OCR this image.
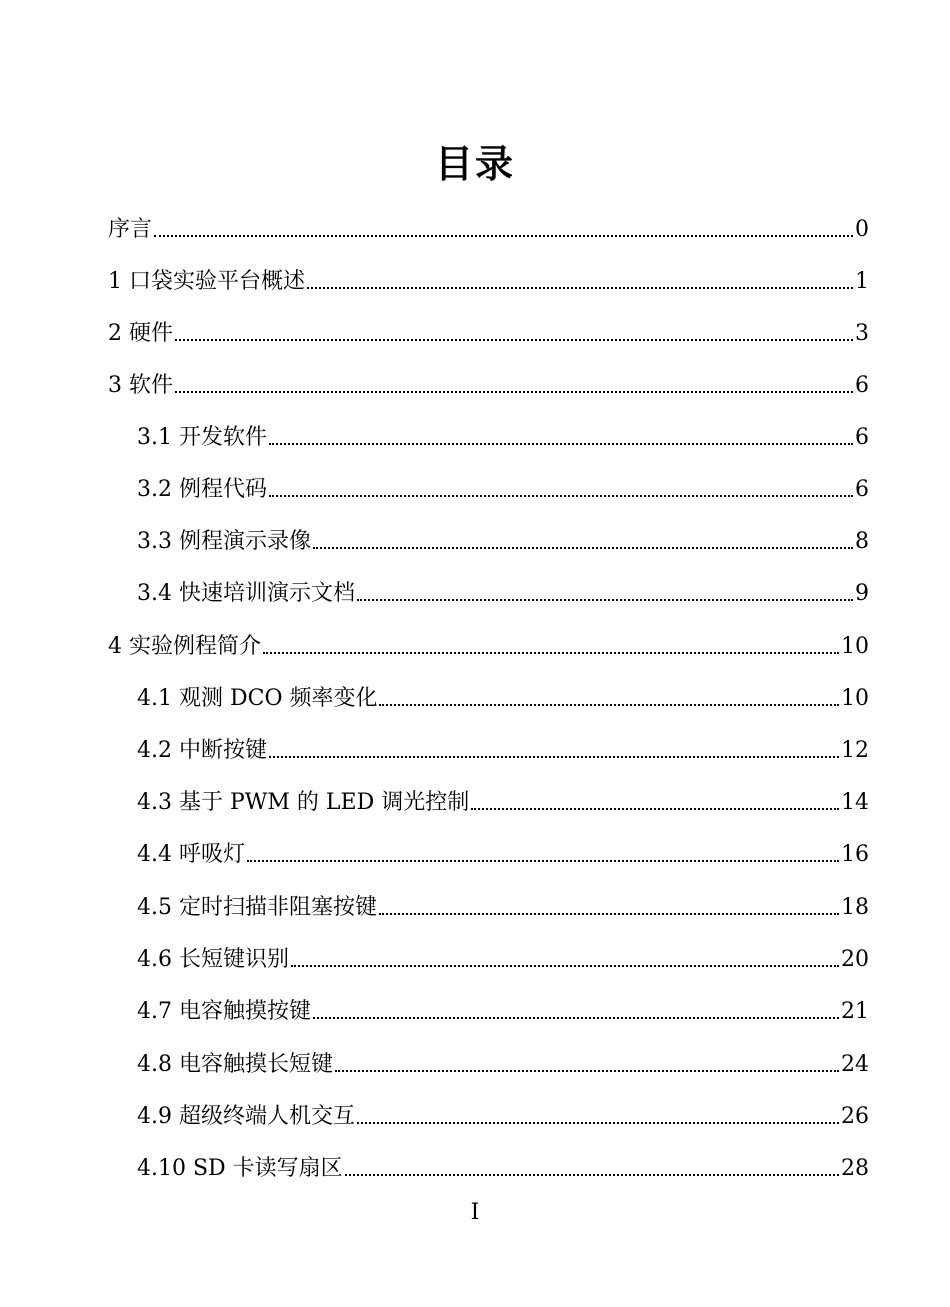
目录
序言	0
1 口袋实验平台概述	1
2 硬件	3
3 软件	6
3.1 开发软件	6
3.2 例程代码	6
3.3 例程演示录像	8
3.4 快速培训演示文档	9
4 实验例程简介	10
4.1 观测 DCO 频率变化	10
4.2 中断按键	12
4.3 基于 PWM 的 LED 调光控制	14
4.4 呼吸灯	16
4.5 定时扫描非阻塞按键	18
4.6 长短键识别	20
4.7 电容触摸按键	21
4.8 电容触摸长短键	24
4.9 超级终端人机交互	26
4.10 SD 卡读写扇区	28
I
